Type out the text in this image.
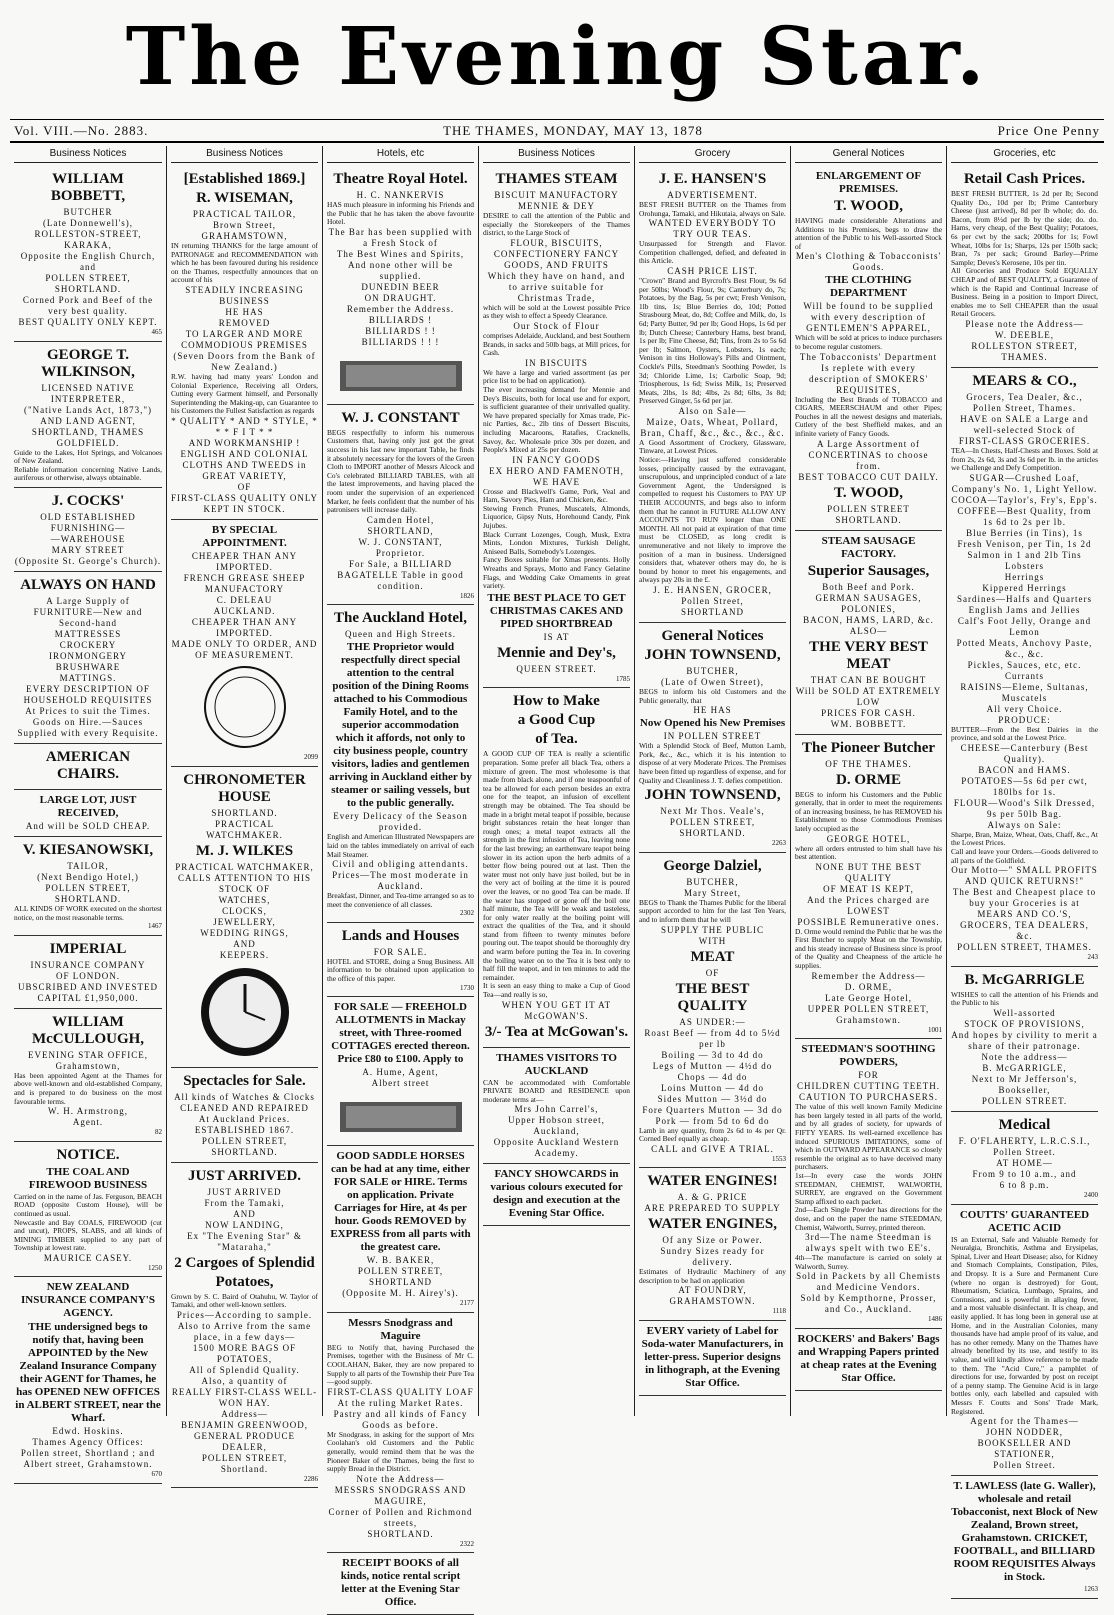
The Evening Star.
Vol. VIII.—No. 2883.	THE THAMES, MONDAY, MAY 13, 1878	Price One Penny
Business Notices
WILLIAM BOBBETT,
BUTCHER
(Late Donnewell's),
ROLLESTON-STREET, KARAKA,
Opposite the English Church,
and
POLLEN STREET, SHORTLAND.
Corned Pork and Beef of the very best quality.
BEST QUALITY ONLY KEPT.
465
GEORGE T. WILKINSON,
LICENSED NATIVE INTERPRETER,
("Native Lands Act, 1873,")
AND LAND AGENT,
SHORTLAND, THAMES GOLDFIELD.
Guide to the Lakes, Hot Springs, and Volcanoes of New Zealand.
Reliable information concerning Native Lands, auriferous or otherwise, always obtainable.
J. COCKS'
OLD ESTABLISHED
FURNISHING—
—WAREHOUSE
MARY STREET
(Opposite St. George's Church).
ALWAYS ON HAND
A Large Supply of
FURNITURE—New and Second-hand
MATTRESSES
CROCKERY
IRONMONGERY
BRUSHWARE
MATTINGS.
EVERY DESCRIPTION OF HOUSEHOLD REQUISITES
At Prices to suit the Times.
Goods on Hire.—Sauces Supplied with every Requisite.
AMERICAN CHAIRS.
LARGE LOT, JUST RECEIVED,
And will be SOLD CHEAP.
V. KIESANOWSKI,
TAILOR,
(Next Bendigo Hotel,)
POLLEN STREET, SHORTLAND.
ALL KINDS OF WORK executed on the shortest notice, on the most reasonable terms.
1467
IMPERIAL
INSURANCE COMPANY
OF LONDON.
UBSCRIBED AND INVESTED
CAPITAL £1,950,000.
WILLIAM McCULLOUGH,
EVENING STAR OFFICE,
Grahamstown,
Has been appointed Agent at the Thames for above well-known and old-established Company, and is prepared to do business on the most favourable terms.
W. H. Armstrong,
Agent.
82
NOTICE.
THE COAL AND FIREWOOD BUSINESS
Carried on in the name of Jas. Ferguson, BEACH ROAD (opposite Custom House), will be continued as usual.
Newcastle and Bay COALS, FIREWOOD (cut and uncut), PROPS, SLABS, and all kinds of MINING TIMBER supplied to any part of Township at lowest rate.
MAURICE CASEY.
1250
NEW ZEALAND INSURANCE COMPANY'S AGENCY.
THE undersigned begs to notify that, having been APPOINTED by the New Zealand Insurance Company their AGENT for Thames, he has OPENED NEW OFFICES in ALBERT STREET, near the Wharf.
Edwd. Hoskins.
Thames Agency Offices:
Pollen street, Shortland ; and Albert street, Grahamstown.
670
Business Notices
[Established 1869.]
R. WISEMAN,
PRACTICAL TAILOR,
Brown Street,
GRAHAMSTOWN,
IN returning THANKS for the large amount of PATRONAGE and RECOMMENDATION with which he has been favoured during his residence on the Thames, respectfully announces that on account of his
STEADILY INCREASING BUSINESS
HE HAS
REMOVED
TO LARGER AND MORE COMMODIOUS PREMISES
(Seven Doors from the Bank of New Zealand.)
R.W. having had many years' London and Colonial Experience, Receiving all Orders, Cutting every Garment himself, and Personally Superintending the Making-up, can Guarantee to his Customers the Fullest Satisfaction as regards
* QUALITY * AND * STYLE, *
* * F I T * *
AND WORKMANSHIP !
ENGLISH AND COLONIAL CLOTHS AND TWEEDS in GREAT VARIETY,
OF
FIRST-CLASS QUALITY ONLY KEPT IN STOCK.
BY SPECIAL APPOINTMENT.
CHEAPER THAN ANY IMPORTED.
FRENCH GREASE SHEEP MANUFACTORY
C. DELEAU
AUCKLAND.
CHEAPER THAN ANY IMPORTED.
MADE ONLY TO ORDER, AND OF MEASUREMENT.
2099
CHRONOMETER HOUSE
SHORTLAND.
PRACTICAL
WATCHMAKER.
M. J. WILKES
PRACTICAL WATCHMAKER,
CALLS ATTENTION TO HIS STOCK OF
WATCHES,
CLOCKS,
JEWELLERY,
WEDDING RINGS,
AND
KEEPERS.
Spectacles for Sale.
All kinds of Watches & Clocks
CLEANED AND REPAIRED
At Auckland Prices.
ESTABLISHED 1867.
POLLEN STREET, SHORTLAND.
JUST ARRIVED.
JUST ARRIVED
From the Tamaki,
AND
NOW LANDING,
Ex "The Evening Star" & "Mataraha,"
2 Cargoes of Splendid
Potatoes,
Grown by S. C. Baird of Otahuhu, W. Taylor of Tamaki, and other well-known settlers.
Prices—According to sample.
Also to Arrive from the same place, in a few days—
1500 MORE BAGS OF POTATOES,
All of Splendid Quality.
Also, a quantity of
REALLY FIRST-CLASS WELL-WON HAY.
Address—
BENJAMIN GREENWOOD,
GENERAL PRODUCE DEALER,
POLLEN STREET,
Shortland.
2286
Hotels, etc
Theatre Royal Hotel.
H. C. NANKERVIS
HAS much pleasure in informing his Friends and the Public that he has taken the above favourite Hotel.
The Bar has been supplied with a Fresh Stock of
The Best Wines and Spirits,
And none other will be supplied.
DUNEDIN BEER
ON DRAUGHT.
Remember the Address.
BILLIARDS !
BILLIARDS ! !
BILLIARDS ! ! !
W. J. CONSTANT
BEGS respectfully to inform his numerous Customers that, having only just got the great success in his last new important Table, he finds it absolutely necessary for the lovers of the Green Cloth to IMPORT another of Messrs Alcock and Co's celebrated BILLIARD TABLES, with all the latest improvements, and having placed the room under the supervision of an experienced Marker, he feels confident that the number of his patronisers will increase daily.
Camden Hotel,
SHORTLAND,
W. J. CONSTANT,
Proprietor.
For Sale, a BILLIARD BAGATELLE Table in good condition.
1826
The Auckland Hotel,
Queen and High Streets.
THE Proprietor would respectfully direct special attention to the central position of the Dining Rooms attached to his Commodious Family Hotel, and to the superior accommodation which it affords, not only to city business people, country visitors, ladies and gentlemen arriving in Auckland either by steamer or sailing vessels, but to the public generally.
Every Delicacy of the Season provided.
English and American Illustrated Newspapers are laid on the tables immediately on arrival of each Mail Steamer.
Civil and obliging attendants.
Prices—The most moderate in Auckland.
Breakfast, Dinner, and Tea-time arranged so as to meet the convenience of all classes.
2302
Lands and Houses
FOR SALE.
HOTEL and STORE, doing a Snug Business. All information to be obtained upon application to the office of this paper.
1730
FOR SALE — FREEHOLD ALLOTMENTS in Mackay street, with Three-roomed COTTAGES erected thereon. Price £80 to £100. Apply to
A. Hume, Agent,
Albert street
GOOD SADDLE HORSES can be had at any time, either FOR SALE or HIRE. Terms on application. Private Carriages for Hire, at 4s per hour. Goods REMOVED by EXPRESS from all parts with the greatest care.
W. B. BAKER,
POLLEN STREET, SHORTLAND
(Opposite M. H. Airey's).
2177
Messrs Snodgrass and Maguire
BEG to Notify that, having Purchased the Premises, together with the Business of Mr C. COOLAHAN, Baker, they are now prepared to Supply to all parts of the Township their Pure Tea—good supply.
FIRST-CLASS QUALITY LOAF
At the ruling Market Rates.
Pastry and all kinds of Fancy Goods as before.
Mr Snodgrass, in asking for the support of Mrs Coolahan's old Customers and the Public generally, would remind them that he was the Pioneer Baker of the Thames, being the first to supply Bread in the District.
Note the Address—
MESSRS SNODGRASS AND MAGUIRE,
Corner of Pollen and Richmond streets,
SHORTLAND.
2322
RECEIPT BOOKS of all kinds, notice rental script letter at the Evening Star Office.
Business Notices
THAMES STEAM
BISCUIT MANUFACTORY
MENNIE & DEY
DESIRE to call the attention of the Public and especially the Storekeepers of the Thames district, to the Large Stock of
FLOUR, BISCUITS, CONFECTIONERY FANCY GOODS, AND FRUITS
Which they have on hand, and to arrive suitable for
Christmas Trade,
which will be sold at the Lowest possible Price as they wish to effect a Speedy Clearance.
Our Stock of Flour
comprises Adelaide, Auckland, and best Southern Brands, in sacks and 50lb bags, at Mill prices, for Cash.
IN BISCUITS
We have a large and varied assortment (as per price list to be had on application).
The ever increasing demand for Mennie and Dey's Biscuits, both for local use and for export, is sufficient guarantee of their unrivalled quality. We have prepared specially for Xmas trade, Pic-nic Parties, &c., 2lb tins of Dessert Biscuits, including Macaroons, Ratafies, Cracknells, Savoy, &c. Wholesale price 30s per dozen, and People's Mixed at 25s per dozen.
IN FANCY GOODS
EX HERO AND FAMENOTH,
WE HAVE
Crosse and Blackwell's Game, Pork, Veal and Ham, Savory Pies, Ham and Chicken, &c.
Stewing French Prunes, Muscatels, Almonds, Liquorice, Gipsy Nuts, Horehound Candy, Pink Jujubes.
Black Currant Lozenges, Cough, Musk, Extra Mints, London Mixtures, Turkish Delight, Aniseed Balls, Somebody's Lozenges.
Fancy Boxes suitable for Xmas presents. Holly Wreaths and Sprays, Motto and Fancy Gelatine Flags, and Wedding Cake Ornaments in great variety.
THE BEST PLACE TO GET CHRISTMAS CAKES AND PIPED SHORTBREAD
IS AT
Mennie and Dey's,
QUEEN STREET.
1785
How to Make
a Good Cup
of Tea.
A GOOD CUP OF TEA is really a scientific preparation. Some prefer all black Tea, others a mixture of green. The most wholesome is that made from black alone, and if one teaspoonful of tea be allowed for each person besides an extra one for the teapot, an infusion of excellent strength may be obtained. The Tea should be made in a bright metal teapot if possible, because bright substances retain the heat longer than rough ones; a metal teapot extracts all the strength in the first infusion of Tea, leaving none for the last brewing; an earthenware teapot being slower in its action upon the herb admits of a better flow being poured out at last. Then the water must not only have just boiled, but be in the very act of boiling at the time it is poured over the leaves, or no good Tea can be made. If the water has stopped or gone off the boil one half minute, the Tea will be weak and tasteless, for only water really at the boiling point will extract the qualities of the Tea, and it should stand from fifteen to twenty minutes before pouring out. The teapot should be thoroughly dry and warm before putting the Tea in. In covering the boiling water on to the Tea it is best only to half fill the teapot, and in ten minutes to add the remainder.
It is seen an easy thing to make a Cup of Good Tea—and really is so,
WHEN YOU GET IT AT
McGOWAN'S.
3/- Tea at McGowan's.
THAMES VISITORS TO AUCKLAND
CAN be accommodated with Comfortable PRIVATE BOARD and RESIDENCE upon moderate terms at—
Mrs John Carrel's,
Upper Hobson street,
Auckland,
Opposite Auckland Western Academy.
FANCY SHOWCARDS in various colours executed for design and execution at the Evening Star Office.
Grocery
J. E. HANSEN'S
ADVERTISEMENT.
BEST FRESH BUTTER on the Thames from Orohunga, Tamaki, and Hikutaia, always on Sale.
WANTED EVERYBODY TO TRY OUR TEAS.
Unsurpassed for Strength and Flavor. Competition challenged, defied, and defeated in this Article.
CASH PRICE LIST.
"Crown" Brand and Byrcroft's Best Flour, 9s 6d per 50lbs; Wood's Flour, 9s; Canterbury do, 7s; Potatoes, by the Bag, 5s per cwt; Fresh Venison, 1lb tins, 1s; Blue Berries do, 10d; Potted Strasbourg Meat, do, 8d; Coffee and Milk, do, 1s 6d; Party Butter, 9d per lb; Good Hops, 1s 6d per lb; Dutch Cheese; Canterbury Hams, best brand, 1s per lb; Fine Cheese, 8d; Tins, from 2s to 5s 6d per lb; Salmon, Oysters, Lobsters, 1s each; Venison in tins Holloway's Pills and Ointment, Cockle's Pills, Steedman's Soothing Powder, 1s 3d; Chloride Lime, 1s; Carbolic Soap, 9d; Triospherous, 1s 6d; Swiss Milk, 1s; Preserved Meats, 2lbs, 1s 8d; 4lbs, 2s 8d; 6lbs, 3s 8d; Preserved Ginger, 5s 6d per jar.
Also on Sale—
Maize, Oats, Wheat, Pollard, Bran, Chaff, &c., &c., &c., &c.
A Good Assortment of Crockery, Glassware, Tinware, at Lowest Prices.
Notice:—Having just suffered considerable losses, principally caused by the extravagant, unscrupulous, and unprincipled conduct of a late Government Agent, the Undersigned is compelled to request his Customers to PAY UP THEIR ACCOUNTS, and begs also to inform them that he cannot in FUTURE ALLOW ANY ACCOUNTS TO RUN longer than ONE MONTH. All not paid at expiration of that time must be CLOSED, as long credit is unremunerative and not likely to improve the position of a man in business. Undersigned considers that, whatever others may do, he is bound by honor to meet his engagements, and always pay 20s in the £.
J. E. HANSEN, GROCER,
Pollen Street,
SHORTLAND
General Notices
JOHN TOWNSEND,
BUTCHER,
(Late of Owen Street),
BEGS to inform his old Customers and the Public generally, that
HE HAS
Now Opened his New Premises
IN POLLEN STREET
With a Splendid Stock of Beef, Mutton Lamb, Pork, &c., &c., which it is his intention to dispose of at very Moderate Prices. The Premises have been fitted up regardless of expense, and for Quality and Cleanliness J. T. defies competition.
JOHN TOWNSEND,
Next Mr Thos. Veale's,
POLLEN STREET, SHORTLAND.
2263
George Dalziel,
BUTCHER,
Mary Street,
BEGS to Thank the Thames Public for the liberal support accorded to him for the last Ten Years, and to inform them that he will
SUPPLY THE PUBLIC
WITH
MEAT
OF
THE BEST QUALITY
AS UNDER:—
Roast Beef — from 4d to 5½d per lb
Boiling — 3d to 4d do
Legs of Mutton — 4½d do
Chops — 4d do
Loins Mutton — 4d do
Sides Mutton — 3½d do
Fore Quarters Mutton — 3d do
Pork — from 5d to 6d do
Lamb in any quantity, from 2s 6d to 4s per Qr. Corned Beef equally as cheap.
CALL and GIVE A TRIAL.
1553
WATER ENGINES!
A. & G. PRICE
ARE PREPARED TO SUPPLY
WATER ENGINES,
Of any Size or Power.
Sundry Sizes ready for delivery.
Estimates of Hydraulic Machinery of any description to be had on application
AT FOUNDRY,
GRAHAMSTOWN.
1118
EVERY variety of Label for Soda-water Manufacturers, in letter-press. Superior designs in lithograph, at the Evening Star Office.
General Notices
ENLARGEMENT OF PREMISES.
T. WOOD,
HAVING made considerable Alterations and Additions to his Premises, begs to draw the attention of the Public to his Well-assorted Stock of
Men's Clothing & Tobacconists' Goods.
THE CLOTHING DEPARTMENT
Will be found to be supplied with every description of
GENTLEMEN'S APPAREL,
Which will be sold at prices to induce purchasers to become regular customers.
The Tobacconists' Department
Is replete with every description of SMOKERS' REQUISITES,
Including the Best Brands of TOBACCO and CIGARS, MEERSCHAUM and other Pipes; Pouches in all the newest designs and materials, Cutlery of the best Sheffield makes, and an infinite variety of Fancy Goods.
A Large Assortment of CONCERTINAS to choose from.
BEST TOBACCO CUT DAILY.
T. WOOD,
POLLEN STREET
SHORTLAND.
STEAM SAUSAGE FACTORY.
Superior Sausages,
Both Beef and Pork.
GERMAN SAUSAGES, POLONIES,
BACON, HAMS, LARD, &c.
ALSO—
THE VERY BEST MEAT
THAT CAN BE BOUGHT
Will be SOLD AT EXTREMELY LOW
PRICES FOR CASH.
WM. BOBBETT.
The Pioneer Butcher
OF THE THAMES.
D. ORME
BEGS to inform his Customers and the Public generally, that in order to meet the requirements of an increasing business, he has REMOVED his Establishment to those Commodious Premises lately occupied as the
GEORGE HOTEL,
where all orders entrusted to him shall have his best attention.
NONE BUT THE BEST QUALITY
OF MEAT IS KEPT,
And the Prices charged are LOWEST
POSSIBLE Remunerative ones.
D. Orme would remind the Public that he was the First Butcher to supply Meat on the Township, and his steady increase of Business since is proof of the Quality and Cheapness of the article he supplies.
Remember the Address—
D. ORME,
Late George Hotel,
UPPER POLLEN STREET,
Grahamstown.
1001
STEEDMAN'S SOOTHING POWDERS,
FOR
CHILDREN CUTTING TEETH.
CAUTION TO PURCHASERS.
The value of this well known Family Medicine has been largely tested in all parts of the world, and by all grades of society, for upwards of FIFTY YEARS. Its well-earned excellence has induced SPURIOUS IMITATIONS, some of which in OUTWARD APPEARANCE so closely resemble the original as to have deceived many purchasers.
1st—In every case the words JOHN STEEDMAN, CHEMIST, WALWORTH, SURREY, are engraved on the Government Stamp affixed to each packet.
2nd—Each Single Powder has directions for the dose, and on the paper the name STEEDMAN, Chemist, Walworth, Surrey, printed thereon.
3rd—The name Steedman is always spelt with two EE's.
4th—The manufacture is carried on solely at Walworth, Surrey.
Sold in Packets by all Chemists and Medicine Vendors.
Sold by Kempthorne, Prosser, and Co., Auckland.
1486
ROCKERS' and Bakers' Bags and Wrapping Papers printed at cheap rates at the Evening Star Office.
Groceries, etc
Retail Cash Prices.
BEST FRESH BUTTER, 1s 2d per lb; Second Quality Do., 10d per lb; Prime Canterbury Cheese (just arrived), 8d per lb whole; do. do. Bacon, from 8½d per lb by the side; do. do. Hams, very cheap, of the Best Quality; Potatoes, 6s per cwt by the sack; 200lbs for 1s; Fowl Wheat, 10lbs for 1s; Sharps, 12s per 150lb sack; Bran, 7s per sack; Ground Barley—Prime Sample; Deves's Kerosene, 10s per tin.
All Groceries and Produce Sold EQUALLY CHEAP and of BEST QUALITY, a Guarantee of which is the Rapid and Continual Increase of Business. Being in a position to Import Direct, enables me to Sell CHEAPER than the usual Retail Grocers.
Please note the Address—
W. DEEBLE,
ROLLESTON STREET,
THAMES.
MEARS & CO.,
Grocers, Tea Dealer, &c.,
Pollen Street, Thames.
HAVE on SALE a Large and well-selected Stock of
FIRST-CLASS GROCERIES.
TEA—In Chests, Half-Chests and Boxes. Sold at from 2s, 2s 6d, 3s and 3s 6d per lb. in the articles we Challenge and Defy Competition.
SUGAR—Crushed Loaf, Company's No. 1, Light Yellow.
COCOA—Taylor's, Fry's, Epp's.
COFFEE—Best Quality, from 1s 6d to 2s per lb.
Blue Berries (in Tins), 1s
Fresh Venison, per Tin, 1s 2d
Salmon in 1 and 2lb Tins
Lobsters
Herrings
Kippered Herrings
Sardines—Halfs and Quarters
English Jams and Jellies
Calf's Foot Jelly, Orange and Lemon
Potted Meats, Anchovy Paste, &c., &c.
Pickles, Sauces, etc, etc.
Currants
RAISINS—Eleme, Sultanas, Muscatels
All very Choice.
PRODUCE:
BUTTER—From the Best Dairies in the province, and sold at the Lowest Price.
CHEESE—Canterbury (Best Quality).
BACON and HAMS.
POTATOES—5s 6d per cwt, 180lbs for 1s.
FLOUR—Wood's Silk Dressed, 9s per 50lb Bag.
Always on Sale:
Sharpe, Bran, Maize, Wheat, Oats, Chaff, &c., At the Lowest Prices.
Call and leave your Orders.—Goods delivered to all parts of the Goldfield.
Our Motto—" SMALL PROFITS AND QUICK RETURNS!"
The Best and Cheapest place to buy your Groceries is at
MEARS AND CO.'S,
GROCERS, TEA DEALERS, &c.
POLLEN STREET, THAMES.
243
B. McGARRIGLE
WISHES to call the attention of his Friends and the Public to his
Well-assorted
STOCK OF PROVISIONS,
And hopes by civility to merit a share of their patronage.
Note the address—
B. McGARRIGLE,
Next to Mr Jefferson's, Bookseller,
POLLEN STREET.
Medical
F. O'FLAHERTY, L.R.C.S.I.,
Pollen Street.
AT HOME—
From 9 to 10 a.m., and
6 to 8 p.m.
2400
COUTTS' GUARANTEED ACETIC ACID
IS an External, Safe and Valuable Remedy for Neuralgia, Bronchitis, Asthma and Erysipelas, Spinal, Liver and Heart Disease; also, for Kidney and Stomach Complaints, Constipation, Piles, and Dropsy. It is a Sure and Permanent Cure (where no organ is destroyed) for Gout, Rheumatism, Sciatica, Lumbago, Sprains, and Contusions, and is powerful in allaying fever, and a most valuable disinfectant. It is cheap, and easily applied. It has long been in general use at Home, and in the Australian Colonies, many thousands have had ample proof of its value, and has no other remedy. Many on the Thames have already benefited by its use, and testify to its value, and will kindly allow reference to be made to them. The "Acid Cure," a pamphlet of directions for use, forwarded by post on receipt of a penny stamp. The Genuine Acid is in large bottles only, each labelled and capsuled with Messrs F. Coutts and Sons' Trade Mark, Registered.
Agent for the Thames—
JOHN NODDER,
BOOKSELLER AND STATIONER,
Pollen Street.
T. LAWLESS (late G. Waller), wholesale and retail Tobacconist, next Block of New Zealand, Brown street, Grahamstown. CRICKET, FOOTBALL, and BILLIARD ROOM REQUISITES Always in Stock.
1263
